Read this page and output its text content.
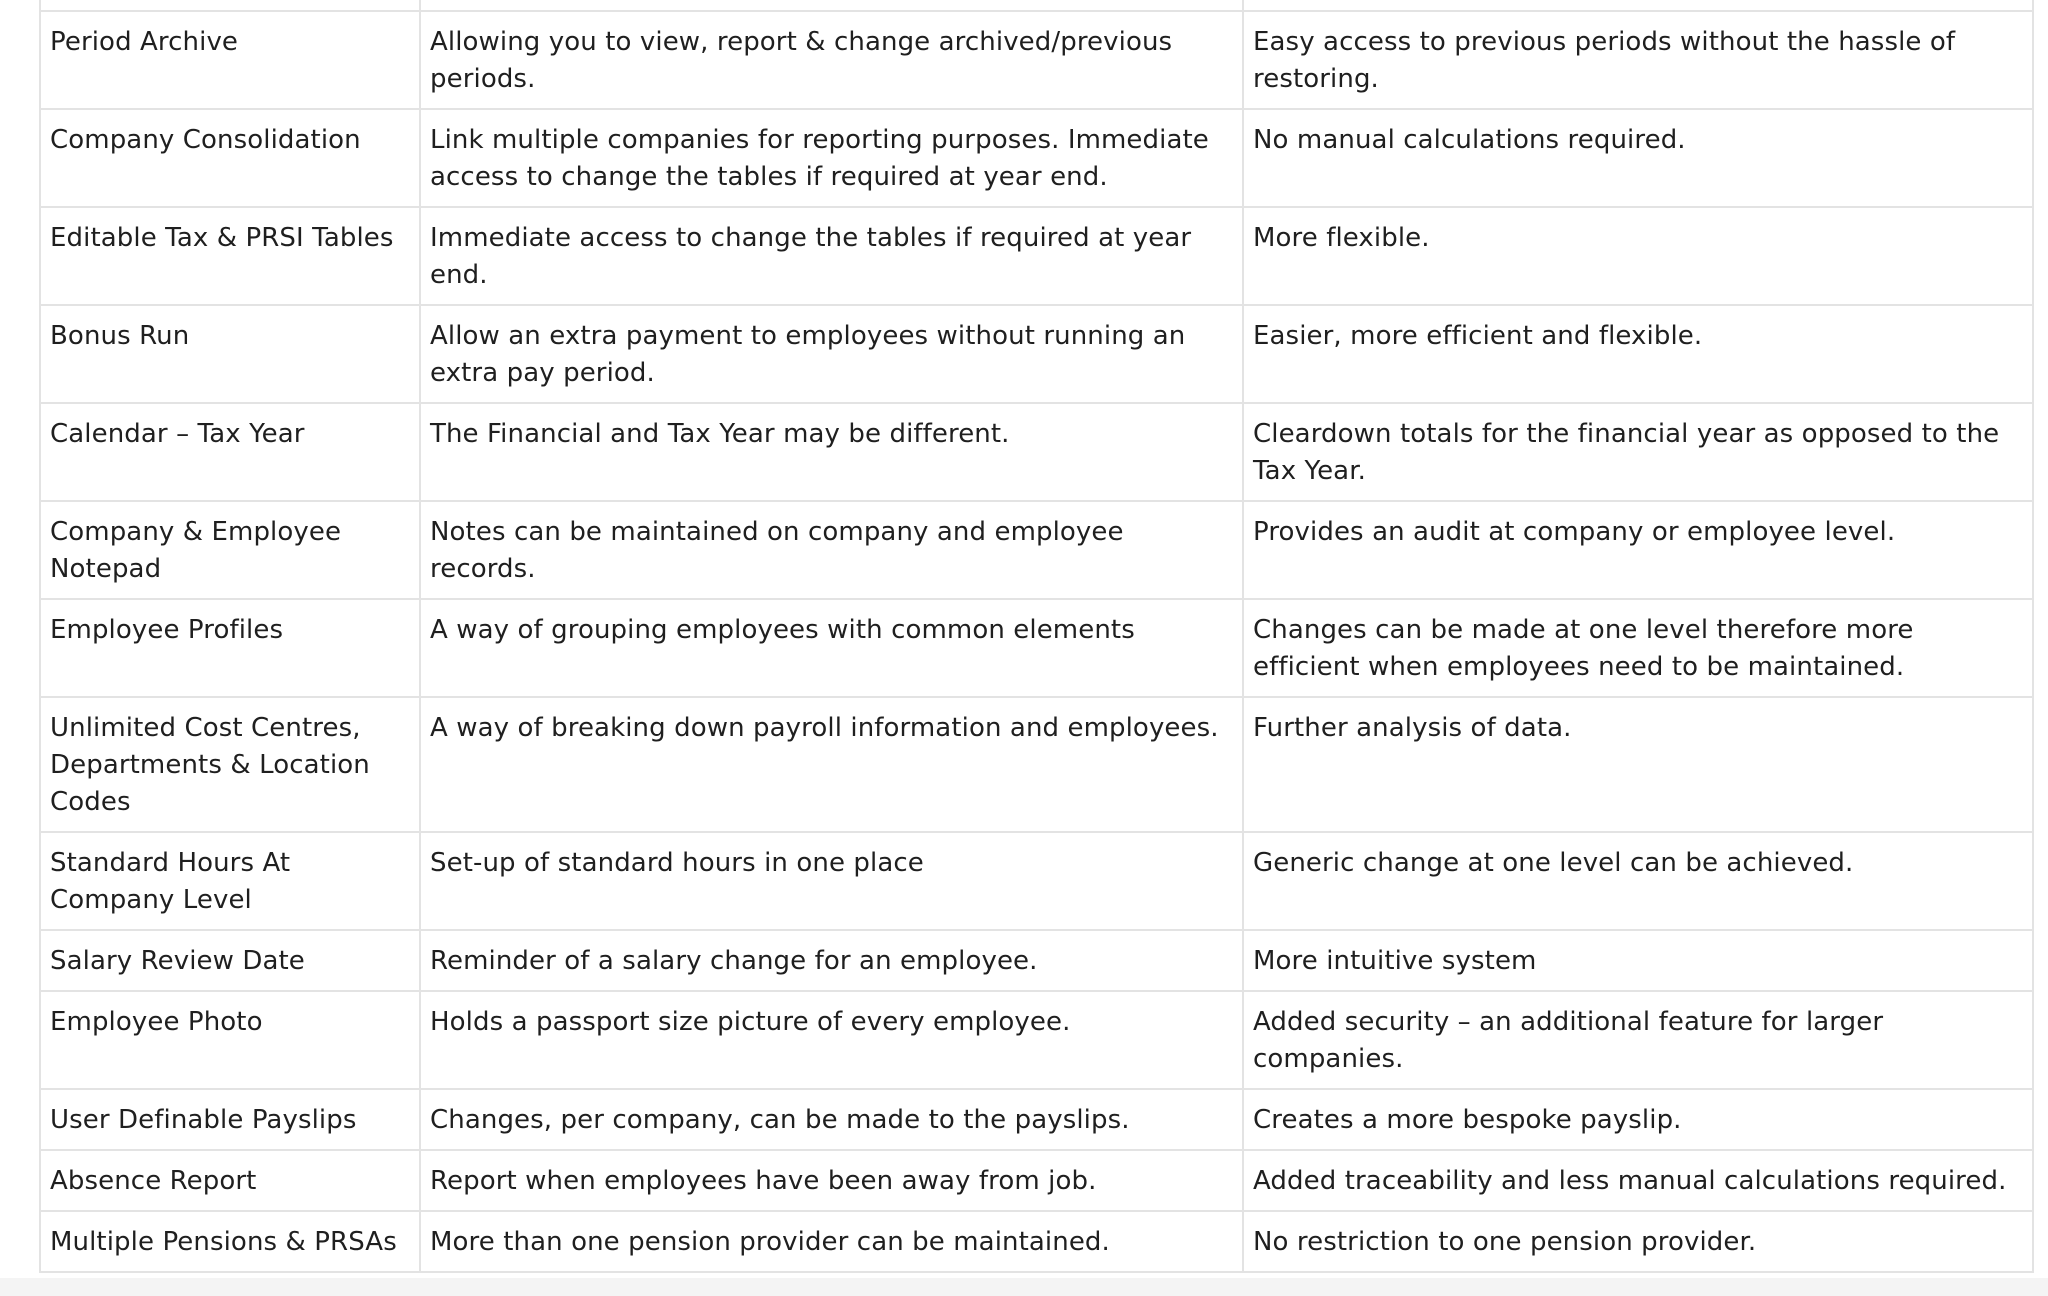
Period Archive	Allowing you to view, report & change archived/previous periods.	Easy access to previous periods without the hassle of restoring.
Company Consolidation	Link multiple companies for reporting purposes. Immediate access to change the tables if required at year end.	No manual calculations required.
Editable Tax & PRSI Tables	Immediate access to change the tables if required at year end.	More flexible.
Bonus Run	Allow an extra payment to employees without running an extra pay period.	Easier, more efficient and flexible.
Calendar – Tax Year	The Financial and Tax Year may be different.	Cleardown totals for the financial year as opposed to the Tax Year.
Company & Employee Notepad	Notes can be maintained on company and employee records.	Provides an audit at company or employee level.
Employee Profiles	A way of grouping employees with common elements	Changes can be made at one level therefore more efficient when employees need to be maintained.
Unlimited Cost Centres, Departments & Location Codes	A way of breaking down payroll information and employees.	Further analysis of data.
Standard Hours At Company Level	Set-up of standard hours in one place	Generic change at one level can be achieved.
Salary Review Date	Reminder of a salary change for an employee.	More intuitive system
Employee Photo	Holds a passport size picture of every employee.	Added security – an additional feature for larger companies.
User Definable Payslips	Changes, per company, can be made to the payslips.	Creates a more bespoke payslip.
Absence Report	Report when employees have been away from job.	Added traceability and less manual calculations required.
Multiple Pensions & PRSAs	More than one pension provider can be maintained.	No restriction to one pension provider.
